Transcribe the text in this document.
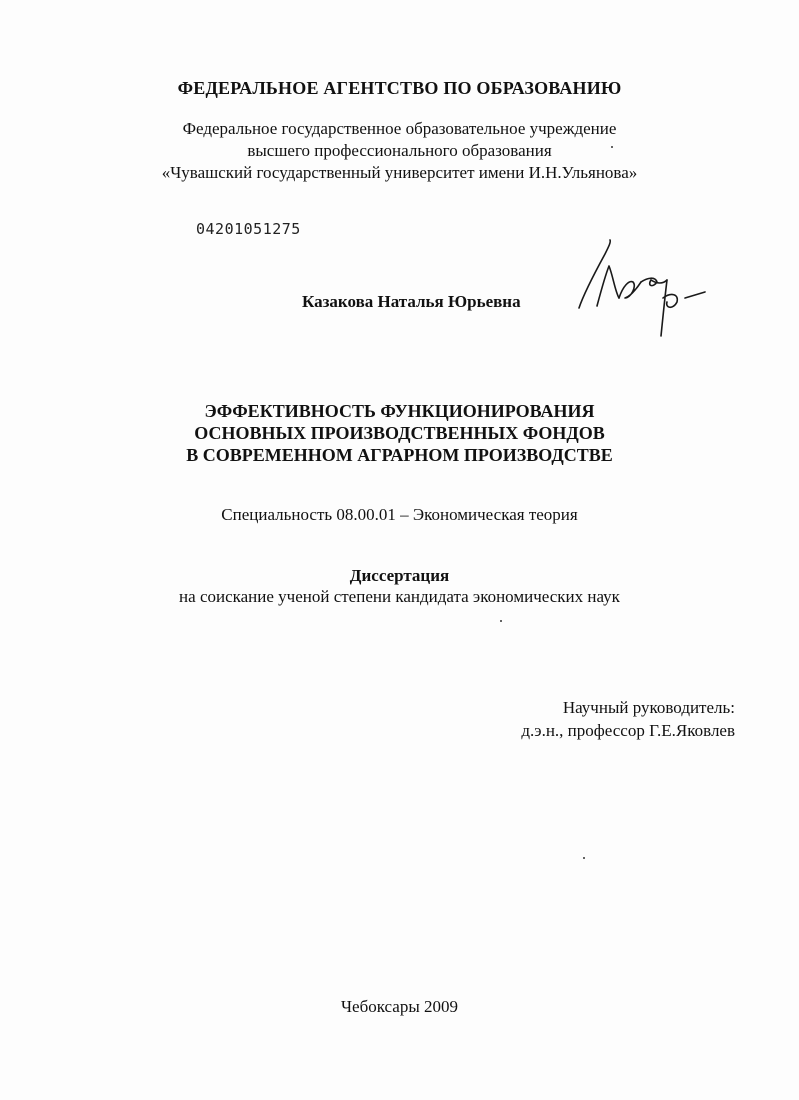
ФЕДЕРАЛЬНОЕ АГЕНТСТВО ПО ОБРАЗОВАНИЮ
Федеральное государственное образовательное учреждение
высшего профессионального образования
«Чувашский государственный университет имени И.Н.Ульянова»
04201051275
Казакова Наталья Юрьевна
ЭФФЕКТИВНОСТЬ ФУНКЦИОНИРОВАНИЯ
ОСНОВНЫХ ПРОИЗВОДСТВЕННЫХ ФОНДОВ
В СОВРЕМЕННОМ АГРАРНОМ ПРОИЗВОДСТВЕ
Специальность 08.00.01 – Экономическая теория
Диссертация
на соискание ученой степени кандидата экономических наук
Научный руководитель:
д.э.н., профессор Г.Е.Яковлев
Чебоксары 2009
